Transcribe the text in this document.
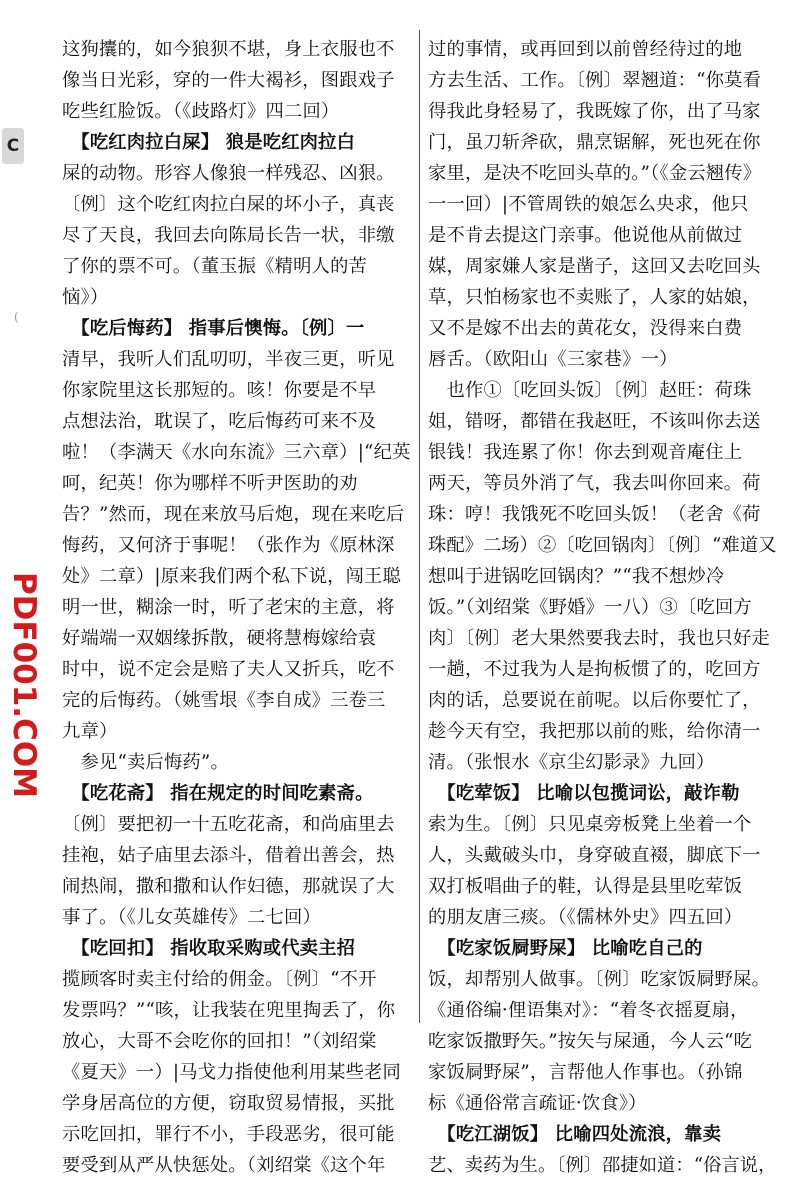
C
(
PDF001.COM
这狗攮的，如今狼狈不堪，身上衣服也不
像当日光彩，穿的一件大褐衫，图跟戏子
吃些红脸饭。（《歧路灯》四二回）
　【吃红肉拉白屎】 狼是吃红肉拉白
屎的动物。形容人像狼一样残忍、凶狠。
〔例〕这个吃红肉拉白屎的坏小子，真丧
尽了天良，我回去向陈局长告一状，非缴
了你的票不可。（董玉振《精明人的苦
恼》）
　【吃后悔药】 指事后懊悔。〔例〕一
清早，我听人们乱叨叨，半夜三更，听见
你家院里这长那短的。咳！你要是不早
点想法治，耽误了，吃后悔药可来不及
啦！（李满天《水向东流》三六章）|“纪英
呵，纪英！你为哪样不听尹医助的劝
告？”然而，现在来放马后炮，现在来吃后
悔药，又何济于事呢！（张作为《原林深
处》二章）|原来我们两个私下说，闯王聪
明一世，糊涂一时，听了老宋的主意，将
好端端一双姻缘拆散，硬将慧梅嫁给袁
时中，说不定会是赔了夫人又折兵，吃不
完的后悔药。（姚雪垠《李自成》三卷三
九章）
　参见“卖后悔药”。
　【吃花斋】 指在规定的时间吃素斋。
〔例〕要把初一十五吃花斋，和尚庙里去
挂袍，姑子庙里去添斗，借着出善会，热
闹热闹，撒和撒和认作妇德，那就误了大
事了。（《儿女英雄传》二七回）
　【吃回扣】 指收取采购或代卖主招
揽顾客时卖主付给的佣金。〔例〕“不开
发票吗？”“咳，让我装在兜里掏丢了，你
放心，大哥不会吃你的回扣！”（刘绍棠
《夏天》一）|马戈力指使他利用某些老同
学身居高位的方便，窃取贸易情报，买批
示吃回扣，罪行不小，手段恶劣，很可能
要受到从严从快惩处。（刘绍棠《这个年
过的事情，或再回到以前曾经待过的地
方去生活、工作。〔例〕翠翘道：“你莫看
得我此身轻易了，我既嫁了你，出了马家
门，虽刀斩斧砍，鼎烹锯解，死也死在你
家里，是决不吃回头草的。”（《金云翘传》
一一回）|不管周铁的娘怎么央求，他只
是不肯去提这门亲事。他说他从前做过
媒，周家嫌人家是凿子，这回又去吃回头
草，只怕杨家也不卖账了，人家的姑娘，
又不是嫁不出去的黄花女，没得来白费
唇舌。（欧阳山《三家巷》一）
　也作①〔吃回头饭〕〔例〕赵旺：荷珠
姐，错呀，都错在我赵旺，不该叫你去送
银钱！我连累了你！你去到观音庵住上
两天，等员外消了气，我去叫你回来。荷
珠：哼！我饿死不吃回头饭！（老舍《荷
珠配》二场）②〔吃回锅肉〕〔例〕“难道又
想叫于进锅吃回锅肉？”“我不想炒冷
饭。”（刘绍棠《野婚》一八）③〔吃回方
肉〕〔例〕老大果然要我去时，我也只好走
一趟，不过我为人是拘板惯了的，吃回方
肉的话，总要说在前呢。以后你要忙了，
趁今天有空，我把那以前的账，给你清一
清。（张恨水《京尘幻影录》九回）
　【吃荤饭】 比喻以包揽词讼，敲诈勒
索为生。〔例〕只见桌旁板凳上坐着一个
人，头戴破头巾，身穿破直裰，脚底下一
双打板唱曲子的鞋，认得是县里吃荤饭
的朋友唐三痰。（《儒林外史》四五回）
　【吃家饭屙野屎】 比喻吃自己的
饭，却帮别人做事。〔例〕吃家饭屙野屎。
《通俗编·俚语集对》：“着冬衣摇夏扇，
吃家饭撒野矢。”按矢与屎通，今人云“吃
家饭屙野屎”，言帮他人作事也。（孙锦
标《通俗常言疏证·饮食》）
　【吃江湖饭】 比喻四处流浪，靠卖
艺、卖药为生。〔例〕邵捷如道：“俗言说，
